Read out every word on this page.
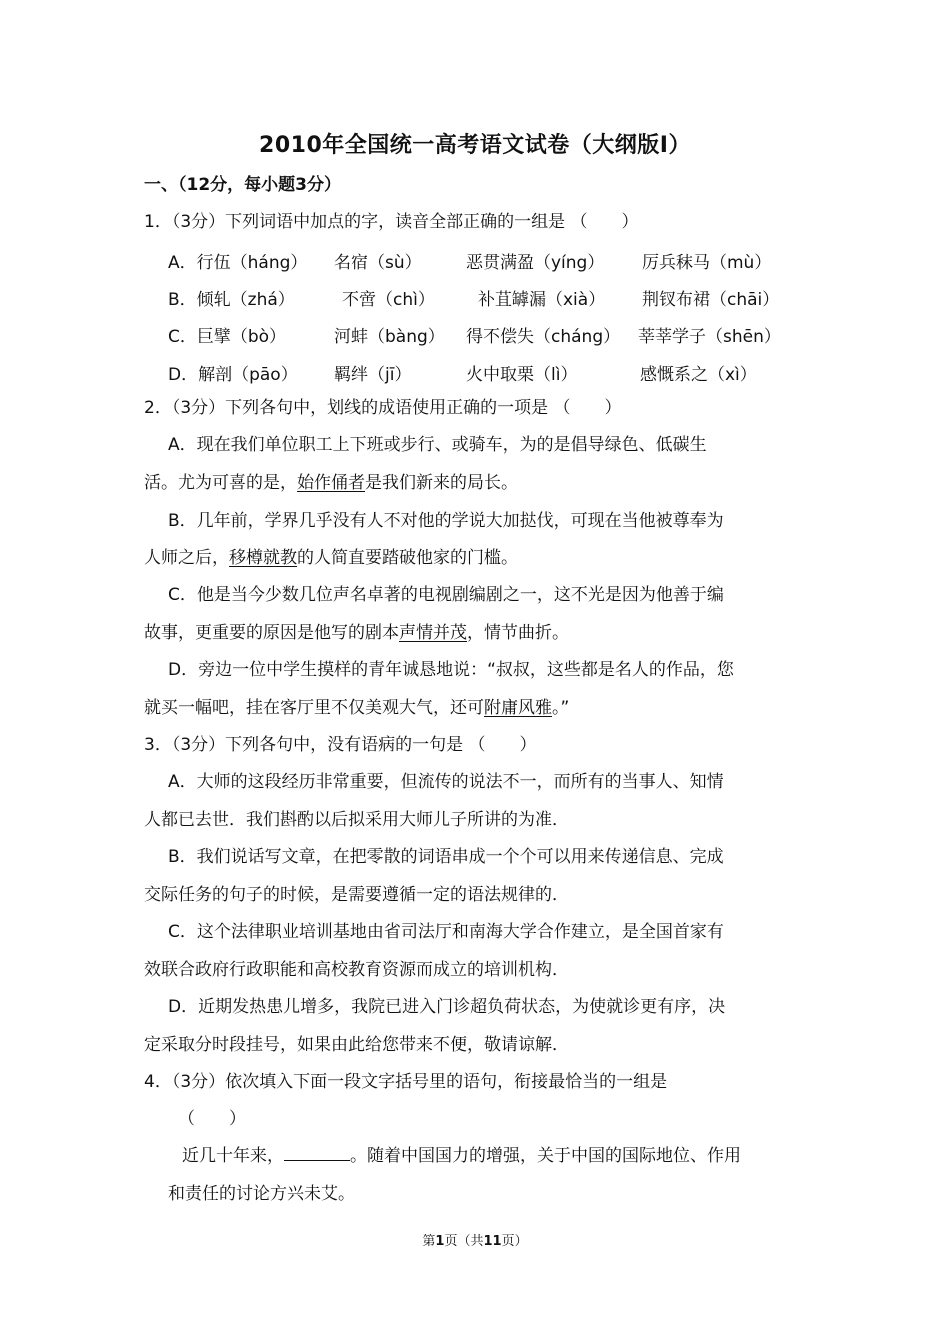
2010年全国统一高考语文试卷（大纲版Ⅰ）
一、（12分，每小题3分）
1．（3分）下列词语中加点的字，读音全部正确的一组是 （　　）
A．行伍（háng） 名宿（sù）	恶贯满盈（yíng） 厉兵秣马（mù）
B．倾轧（zhá）	不啻（chì）	补苴罅漏（xià） 荆钗布裙（chāi）
C．巨擘（bò）	河蚌（bàng） 得不偿失（cháng） 莘莘学子（shēn）
D．解剖（pāo） 羁绊（jī）	火中取栗（lì）	感慨系之（xì）
2．（3分）下列各句中，划线的成语使用正确的一项是 （　　）
A．现在我们单位职工上下班或步行、或骑车，为的是倡导绿色、低碳生
活。尤为可喜的是，始作俑者是我们新来的局长。
B．几年前，学界几乎没有人不对他的学说大加挞伐，可现在当他被尊奉为
人师之后，移樽就教的人简直要踏破他家的门槛。
C．他是当今少数几位声名卓著的电视剧编剧之一，这不光是因为他善于编
故事，更重要的原因是他写的剧本声情并茂，情节曲折。
D．旁边一位中学生摸样的青年诚恳地说：“叔叔，这些都是名人的作品，您
就买一幅吧，挂在客厅里不仅美观大气，还可附庸风雅。”
3．（3分）下列各句中，没有语病的一句是 （　　）
A．大师的这段经历非常重要，但流传的说法不一，而所有的当事人、知情
人都已去世．我们斟酌以后拟采用大师儿子所讲的为准．
B．我们说话写文章，在把零散的词语串成一个个可以用来传递信息、完成
交际任务的句子的时候，是需要遵循一定的语法规律的．
C．这个法律职业培训基地由省司法厅和南海大学合作建立，是全国首家有
效联合政府行政职能和高校教育资源而成立的培训机构．
D．近期发热患儿增多，我院已进入门诊超负荷状态，为使就诊更有序，决
定采取分时段挂号，如果由此给您带来不便，敬请谅解．
4．（3分）依次填入下面一段文字括号里的语句，衔接最恰当的一组是
（　　）
近几十年来，	。随着中国国力的增强，关于中国的国际地位、作用
和责任的讨论方兴未艾。
第1页（共11页）
